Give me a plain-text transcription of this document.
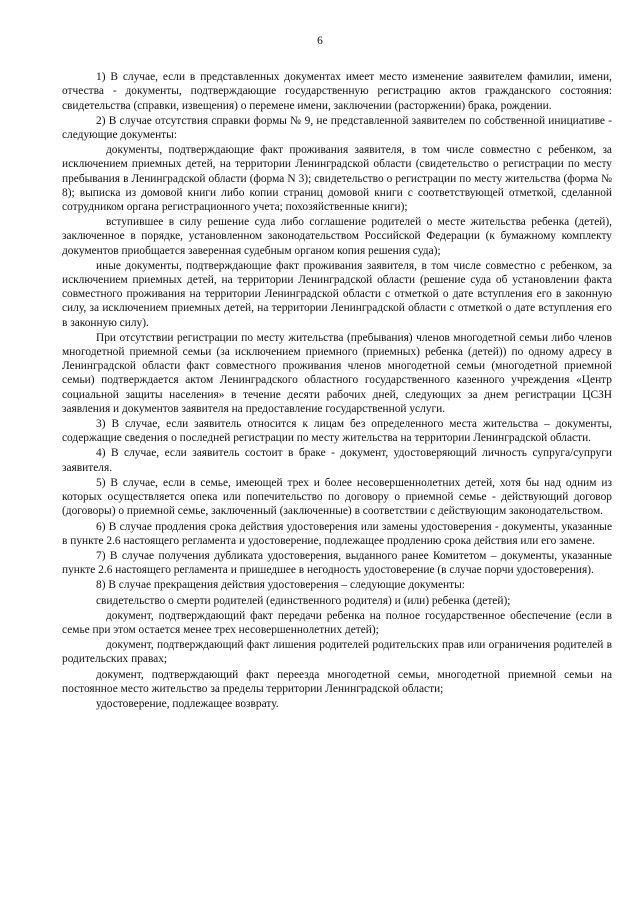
6

1) В случае, если в представленных документах имеет место изменение заявителем фамилии, имени, отчества - документы, подтверждающие государственную регистрацию актов гражданского состояния: свидетельства (справки, извещения) о перемене имени, заключении (расторжении) брака, рождении.

2) В случае отсутствия справки формы № 9, не представленной заявителем по собственной инициативе - следующие документы:

документы, подтверждающие факт проживания заявителя, в том числе совместно с ребенком, за исключением приемных детей, на территории Ленинградской области (свидетельство о регистрации по месту пребывания в Ленинградской области (форма N 3); свидетельство о регистрации по месту жительства (форма № 8); выписка из домовой книги либо копии страниц домовой книги с соответствующей отметкой, сделанной сотрудником органа регистрационного учета; похозяйственные книги);

вступившее в силу решение суда либо соглашение родителей о месте жительства ребенка (детей), заключенное в порядке, установленном законодательством Российской Федерации (к бумажному комплекту документов приобщается заверенная судебным органом копия решения суда);

иные документы, подтверждающие факт проживания заявителя, в том числе совместно с ребенком, за исключением приемных детей, на территории Ленинградской области (решение суда об установлении факта совместного проживания на территории Ленинградской области с отметкой о дате вступления его в законную силу, за исключением приемных детей, на территории Ленинградской области с отметкой о дате вступления его в законную силу).

При отсутствии регистрации по месту жительства (пребывания) членов многодетной семьи либо членов многодетной приемной семьи (за исключением приемного (приемных) ребенка (детей)) по одному адресу в Ленинградской области факт совместного проживания членов многодетной семьи (многодетной приемной семьи) подтверждается актом Ленинградского областного государственного казенного учреждения «Центр социальной защиты населения» в течение десяти рабочих дней, следующих за днем регистрации ЦСЗН заявления и документов заявителя на предоставление государственной услуги.

3) В случае, если заявитель относится к лицам без определенного места жительства – документы, содержащие сведения о последней регистрации по месту жительства на территории Ленинградской области.

4) В случае, если заявитель состоит в браке - документ, удостоверяющий личность супруга/супруги заявителя.

5) В случае, если в семье, имеющей трех и более несовершеннолетних детей, хотя бы над одним из которых осуществляется опека или попечительство по договору о приемной семье - действующий договор (договоры) о приемной семье, заключенный (заключенные) в соответствии с действующим законодательством.

6) В случае продления срока действия удостоверения или замены удостоверения - документы, указанные в пункте 2.6 настоящего регламента и удостоверение, подлежащее продлению срока действия или его замене.

7) В случае получения дубликата удостоверения, выданного ранее Комитетом – документы, указанные пункте 2.6 настоящего регламента и пришедшее в негодность удостоверение (в случае порчи удостоверения).

8) В случае прекращения действия удостоверения – следующие документы:

свидетельство о смерти родителей (единственного родителя) и (или) ребенка (детей);

документ, подтверждающий факт передачи ребенка на полное государственное обеспечение (если в семье при этом остается менее трех несовершеннолетних детей);

документ, подтверждающий факт лишения родителей родительских прав или ограничения родителей в родительских правах;

документ, подтверждающий факт переезда многодетной семьи, многодетной приемной семьи на постоянное место жительство за пределы территории Ленинградской области;

удостоверение, подлежащее возврату.
